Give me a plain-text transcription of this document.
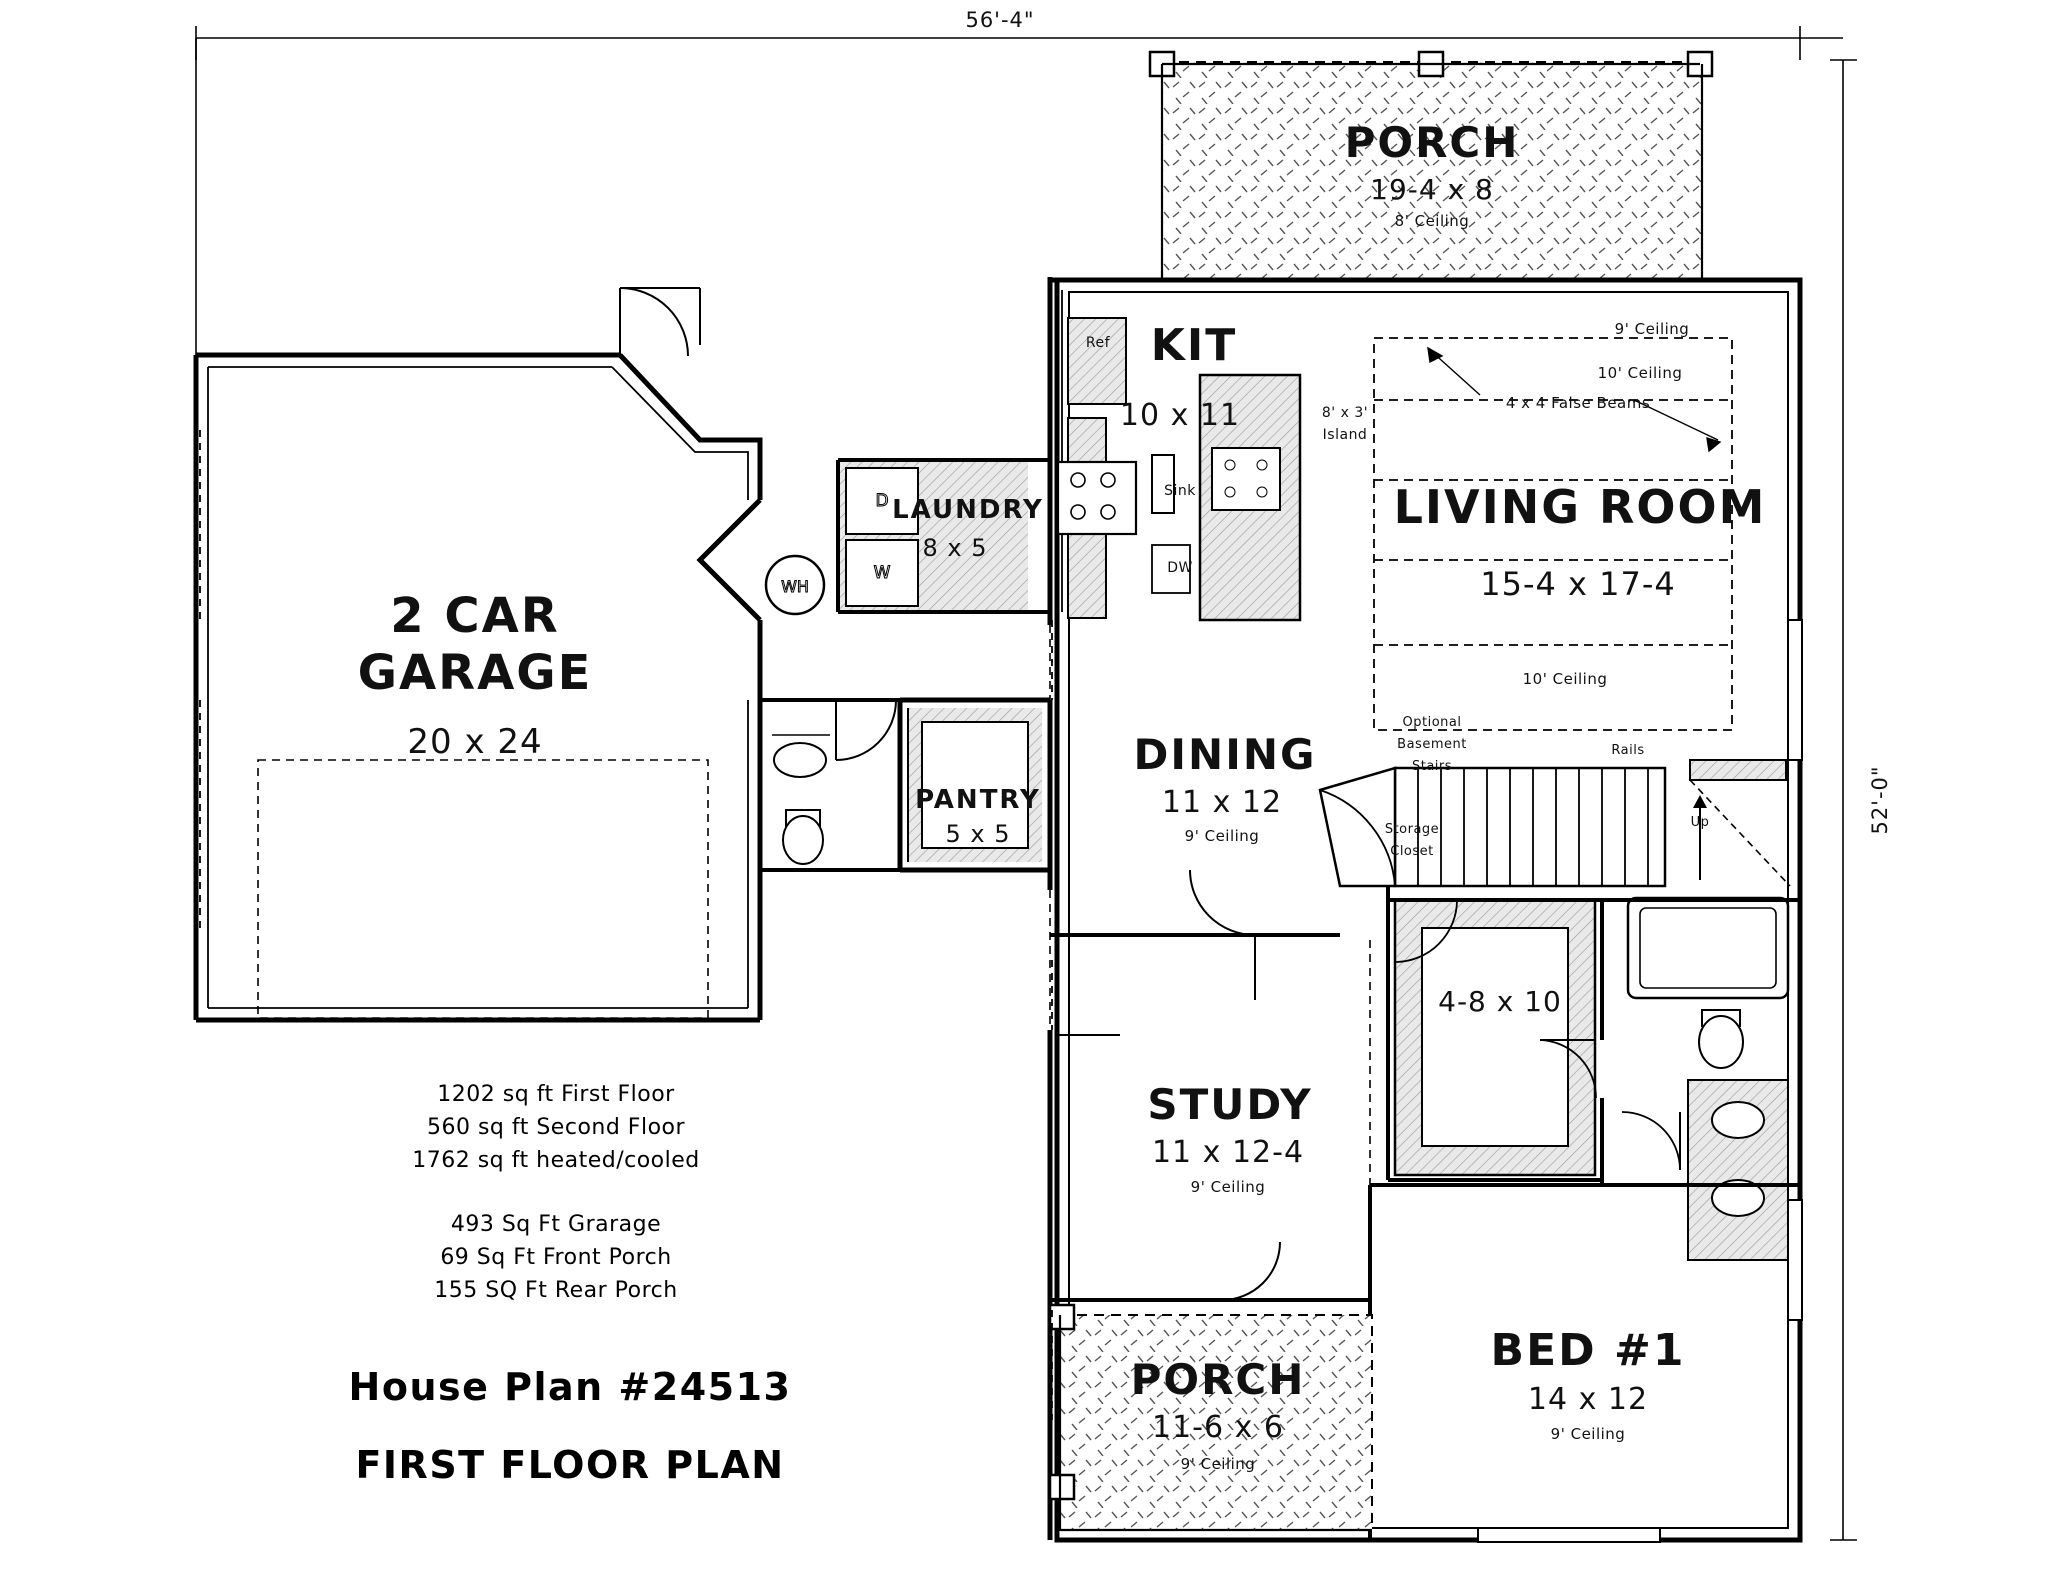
D
W
WH
56'-4"
52'-0"
PORCH
19-4 x 8
8' Ceiling
KIT
10 x 11
Ref
Sink
DW
8' x 3'
Island
LIVING ROOM
15-4 x 17-4
9' Ceiling
10' Ceiling
4 x 4 False Beams
10' Ceiling
2 CAR
GARAGE
20 x 24
LAUNDRY
8 x 5
PANTRY
5 x 5
DINING
11 x 12
9' Ceiling
Optional
Basement
Stairs
Rails
Up
Storage
Closet
4-8 x 10
STUDY
11 x 12-4
9' Ceiling
PORCH
11-6 x 6
9' Ceiling
BED #1
14 x 12
9' Ceiling
1202 sq ft First Floor
560 sq ft Second Floor
1762 sq ft heated/cooled
493 Sq Ft Grarage
69 Sq Ft Front Porch
155 SQ Ft Rear Porch
House Plan #24513
FIRST FLOOR PLAN
